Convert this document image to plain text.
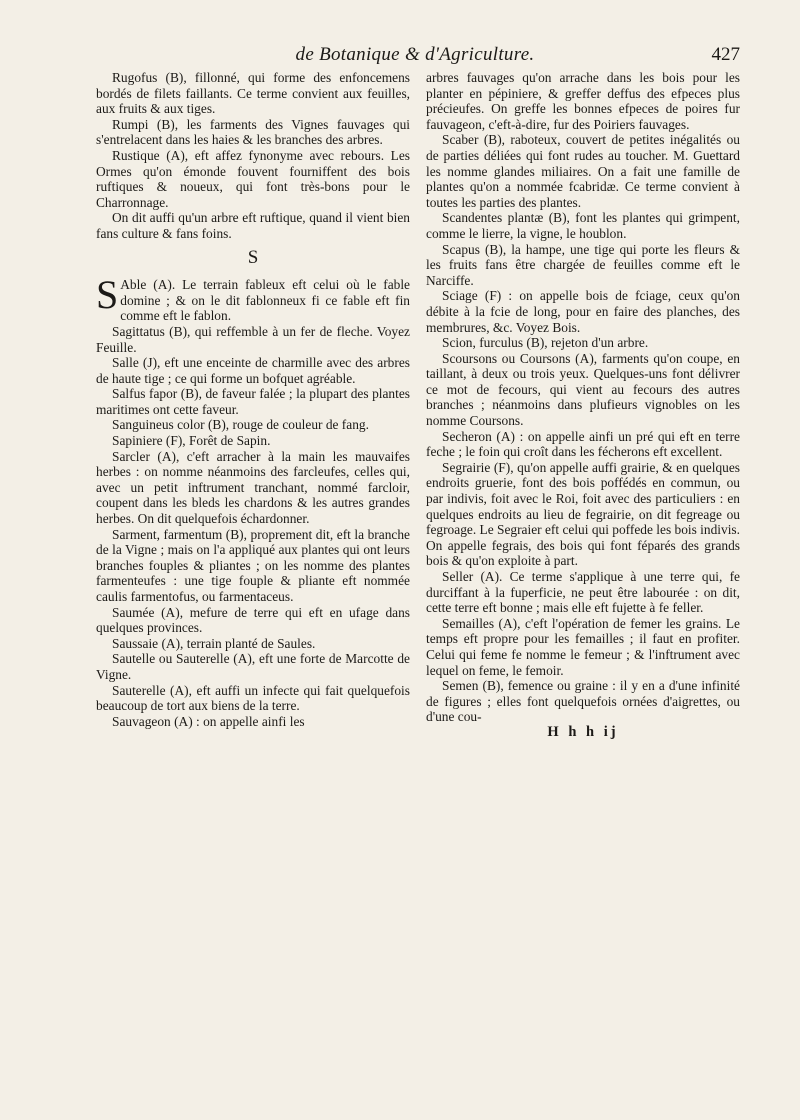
de Botanique & d'Agriculture.	427

Rugofus (B), fillonné, qui forme des enfoncemens bordés de filets faillants. Ce terme convient aux feuilles, aux fruits & aux tiges.

Rumpi (B), les farments des Vignes fauvages qui s'entrelacent dans les haies & les branches des arbres.

Rustique (A), eft affez fynonyme avec rebours. Les Ormes qu'on émonde fouvent fourniffent des bois ruftiques & noueux, qui font très-bons pour le Charronnage.

On dit auffi qu'un arbre eft ruftique, quand il vient bien fans culture & fans foins.

S

S Able (A). Le terrain fableux eft celui où le fable domine ; & on le dit fablonneux fi ce fable eft fin comme eft le fablon.

Sagittatus (B), qui reffemble à un fer de fleche. Voyez Feuille.

Salle (J), eft une enceinte de charmille avec des arbres de haute tige ; ce qui forme un bofquet agréable.

Salfus fapor (B), de faveur falée ; la plupart des plantes maritimes ont cette faveur.

Sanguineus color (B), rouge de couleur de fang.

Sapiniere (F), Forêt de Sapin.

Sarcler (A), c'eft arracher à la main les mauvaifes herbes : on nomme néanmoins des farcleufes, celles qui, avec un petit inftrument tranchant, nommé farcloir, coupent dans les bleds les chardons & les autres grandes herbes. On dit quelquefois échardonner.

Sarment, farmentum (B), proprement dit, eft la branche de la Vigne ; mais on l'a appliqué aux plantes qui ont leurs branches fouples & pliantes ; on les nomme des plantes farmenteufes : une tige fouple & pliante eft nommée caulis farmentofus, ou farmentaceus.

Saumée (A), mefure de terre qui eft en ufage dans quelques provinces.

Saussaie (A), terrain planté de Saules.

Sautelle ou Sauterelle (A), eft une forte de Marcotte de Vigne.

Sauterelle (A), eft auffi un infecte qui fait quelquefois beaucoup de tort aux biens de la terre.

Sauvageon (A) : on appelle ainfi les

arbres fauvages qu'on arrache dans les bois pour les planter en pépiniere, & greffer deffus des efpeces plus précieufes. On greffe les bonnes efpeces de poires fur fauvageon, c'eft-à-dire, fur des Poiriers fauvages.

Scaber (B), raboteux, couvert de petites inégalités ou de parties déliées qui font rudes au toucher. M. Guettard les nomme glandes miliaires. On a fait une famille de plantes qu'on a nommée fcabridæ. Ce terme convient à toutes les parties des plantes.

Scandentes plantæ (B), font les plantes qui grimpent, comme le lierre, la vigne, le houblon.

Scapus (B), la hampe, une tige qui porte les fleurs & les fruits fans être chargée de feuilles comme eft le Narciffe.

Sciage (F) : on appelle bois de fciage, ceux qu'on débite à la fcie de long, pour en faire des planches, des membrures, &c. Voyez Bois.

Scion, furculus (B), rejeton d'un arbre.

Scoursons ou Coursons (A), farments qu'on coupe, en taillant, à deux ou trois yeux. Quelques-uns font délivrer ce mot de fecours, qui vient au fecours des autres branches ; néanmoins dans plufieurs vignobles on les nomme Coursons.

Secheron (A) : on appelle ainfi un pré qui eft en terre feche ; le foin qui croît dans les fécherons eft excellent.

Segrairie (F), qu'on appelle auffi grairie, & en quelques endroits gruerie, font des bois poffédés en commun, ou par indivis, foit avec le Roi, foit avec des particuliers : en quelques endroits au lieu de fegrairie, on dit fegreage ou fegroage. Le Segraier eft celui qui poffede les bois indivis. On appelle fegrais, des bois qui font féparés des grands bois & qu'on exploite à part.

Seller (A). Ce terme s'applique à une terre qui, fe durciffant à la fuperficie, ne peut être labourée : on dit, cette terre eft bonne ; mais elle eft fujette à fe feller.

Semailles (A), c'eft l'opération de femer les grains. Le temps eft propre pour les femailles ; il faut en profiter. Celui qui feme fe nomme le femeur ; & l'inftrument avec lequel on feme, le femoir.

Semen (B), femence ou graine : il y en a d'une infinité de figures ; elles font quelquefois ornées d'aigrettes, ou d'une cou-

H h h ij
